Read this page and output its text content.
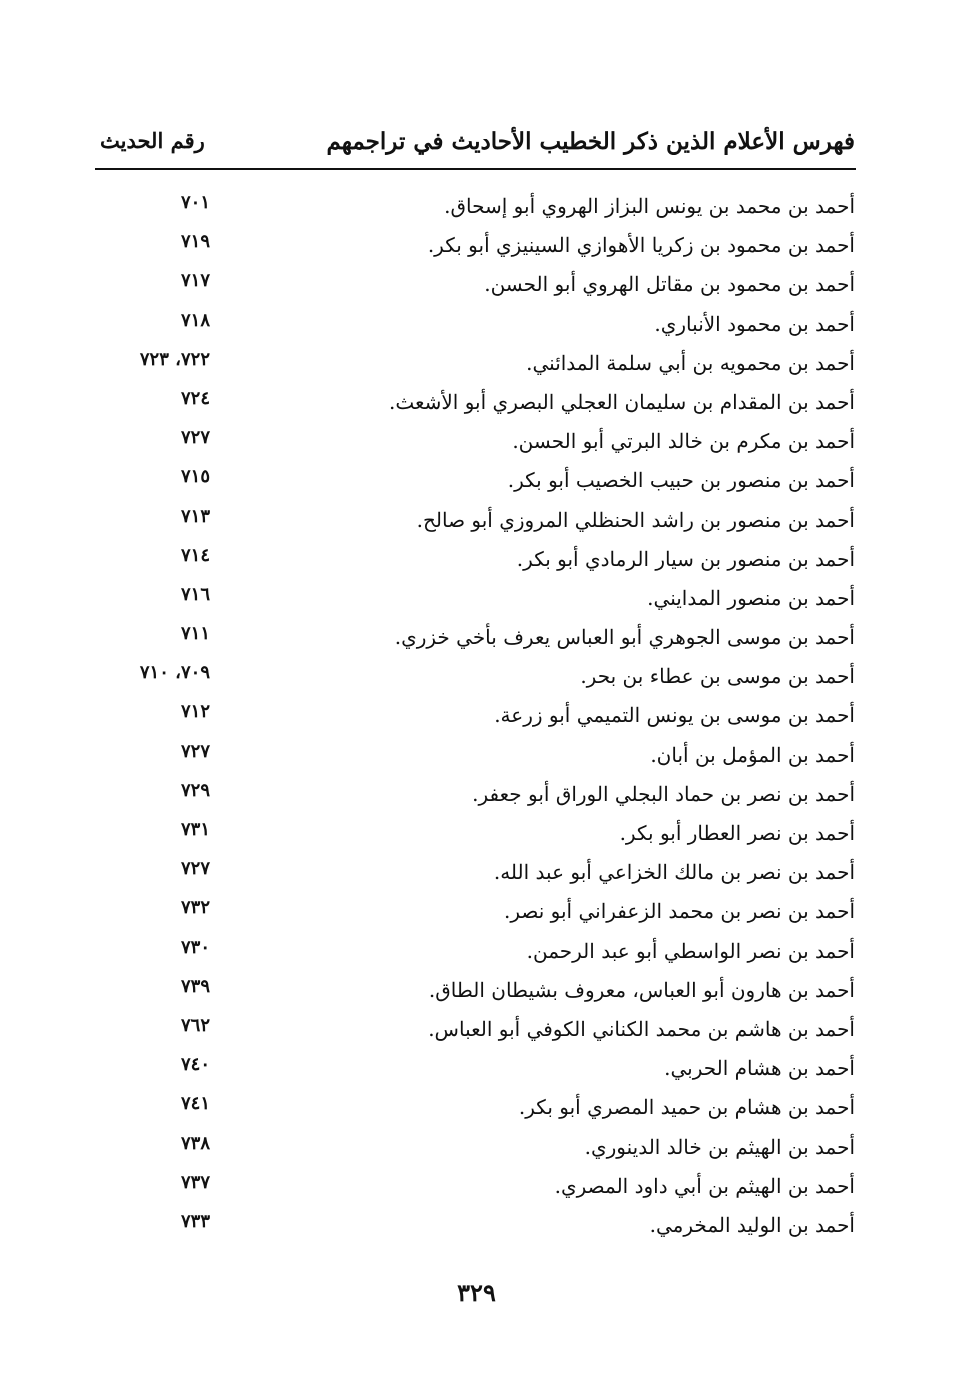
فهرس الأعلام الذين ذكر الخطيب الأحاديث في تراجمهم
رقم الحديث
أحمد بن محمد بن يونس البزاز الهروي أبو إسحاق.
٧٠١
أحمد بن محمود بن زكريا الأهوازي السينيزي أبو بكر.
٧١٩
أحمد بن محمود بن مقاتل الهروي أبو الحسن.
٧١٧
أحمد بن محمود الأنباري.
٧١٨
أحمد بن محمويه بن أبي سلمة المدائني.
٧٢٢، ٧٢٣
أحمد بن المقدام بن سليمان العجلي البصري أبو الأشعث.
٧٢٤
أحمد بن مكرم بن خالد البرتي أبو الحسن.
٧٢٧
أحمد بن منصور بن حبيب الخصيب أبو بكر.
٧١٥
أحمد بن منصور بن راشد الحنظلي المروزي أبو صالح.
٧١٣
أحمد بن منصور بن سيار الرمادي أبو بكر.
٧١٤
أحمد بن منصور المدايني.
٧١٦
أحمد بن موسى الجوهري أبو العباس يعرف بأخي خزري.
٧١١
أحمد بن موسى بن عطاء بن بحر.
٧٠٩، ٧١٠
أحمد بن موسى بن يونس التميمي أبو زرعة.
٧١٢
أحمد بن المؤمل بن أبان.
٧٢٧
أحمد بن نصر بن حماد البجلي الوراق أبو جعفر.
٧٢٩
أحمد بن نصر العطار أبو بكر.
٧٣١
أحمد بن نصر بن مالك الخزاعي أبو عبد الله.
٧٢٧
أحمد بن نصر بن محمد الزعفراني أبو نصر.
٧٣٢
أحمد بن نصر الواسطي أبو عبد الرحمن.
٧٣٠
أحمد بن هارون أبو العباس، معروف بشيطان الطاق.
٧٣٩
أحمد بن هاشم بن محمد الكناني الكوفي أبو العباس.
٧٦٢
أحمد بن هشام الحربي.
٧٤٠
أحمد بن هشام بن حميد المصري أبو بكر.
٧٤١
أحمد بن الهيثم بن خالد الدينوري.
٧٣٨
أحمد بن الهيثم بن أبي داود المصري.
٧٣٧
أحمد بن الوليد المخرمي.
٧٣٣
٣٢٩
